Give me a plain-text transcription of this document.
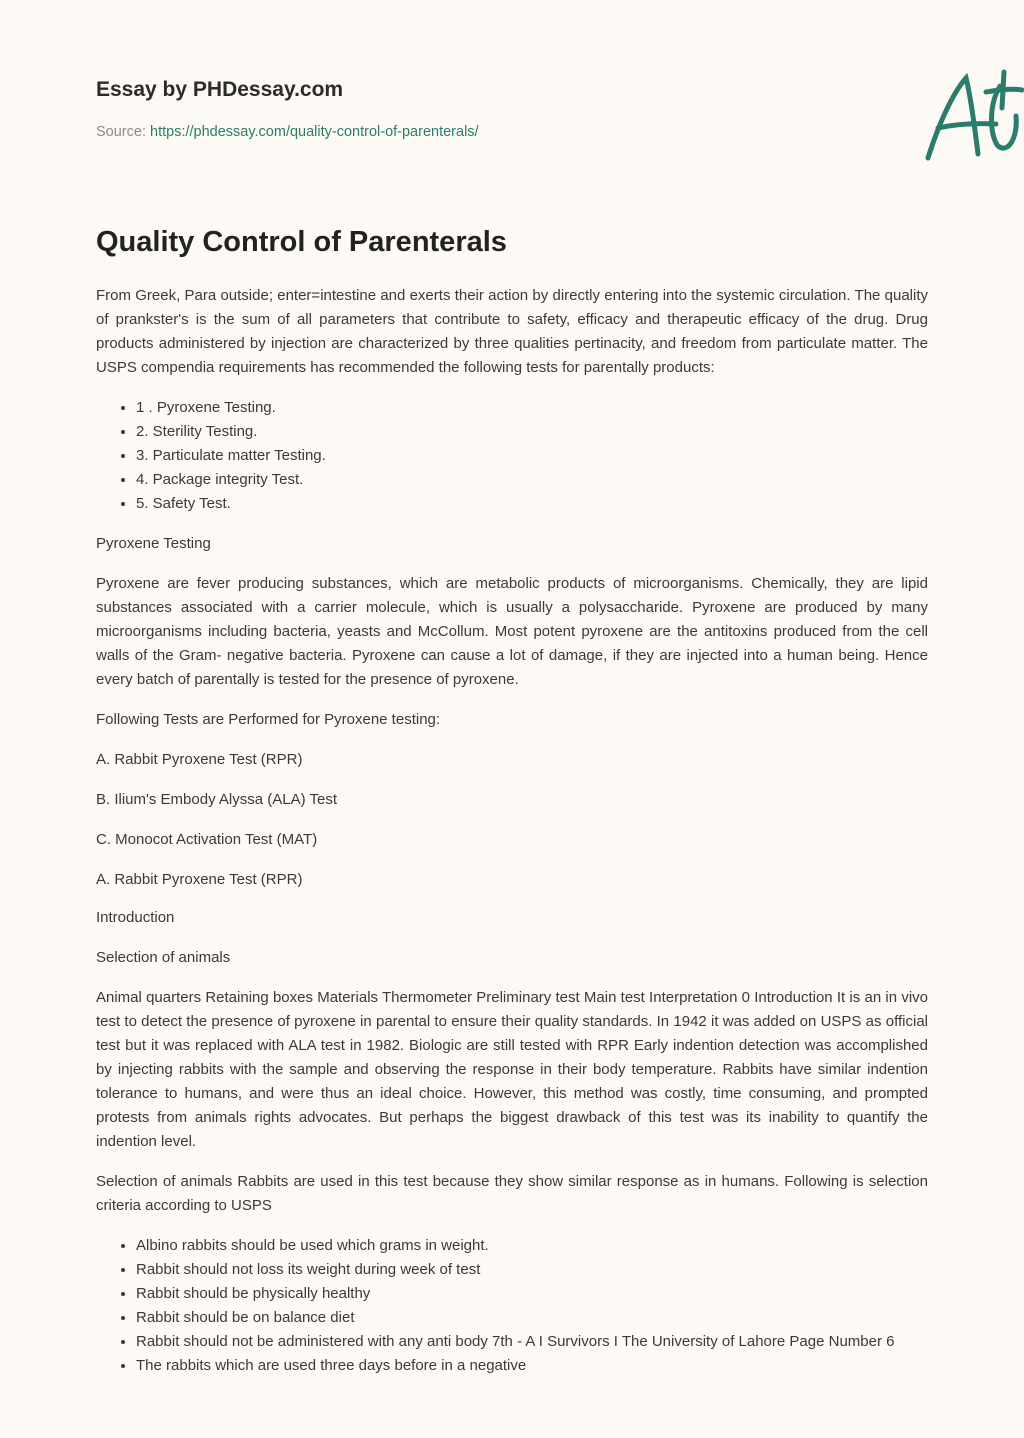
Essay by PHDessay.com
Source: https://phdessay.com/quality-control-of-parenterals/
Quality Control of Parenterals

From Greek, Para outside; enter=intestine and exerts their action by directly entering into the systemic circulation. The quality of prankster's is the sum of all parameters that contribute to safety, efficacy and therapeutic efficacy of the drug. Drug products administered by injection are characterized by three qualities pertinacity, and freedom from particulate matter. The USPS compendia requirements has recommended the following tests for parentally products:

• 1 . Pyroxene Testing.
• 2. Sterility Testing.
• 3. Particulate matter Testing.
• 4. Package integrity Test.
• 5. Safety Test.

Pyroxene Testing

Pyroxene are fever producing substances, which are metabolic products of microorganisms. Chemically, they are lipid substances associated with a carrier molecule, which is usually a polysaccharide. Pyroxene are produced by many microorganisms including bacteria, yeasts and McCollum. Most potent pyroxene are the antitoxins produced from the cell walls of the Gram- negative bacteria. Pyroxene can cause a lot of damage, if they are injected into a human being. Hence every batch of parentally is tested for the presence of pyroxene.

Following Tests are Performed for Pyroxene testing:

A. Rabbit Pyroxene Test (RPR)

B. Ilium's Embody Alyssa (ALA) Test

C. Monocot Activation Test (MAT)

A. Rabbit Pyroxene Test (RPR)

Introduction

Selection of animals

Animal quarters Retaining boxes Materials Thermometer Preliminary test Main test Interpretation 0 Introduction It is an in vivo test to detect the presence of pyroxene in parental to ensure their quality standards. In 1942 it was added on USPS as official test but it was replaced with ALA test in 1982. Biologic are still tested with RPR Early indention detection was accomplished by injecting rabbits with the sample and observing the response in their body temperature. Rabbits have similar indention tolerance to humans, and were thus an ideal choice. However, this method was costly, time consuming, and prompted protests from animals rights advocates. But perhaps the biggest drawback of this test was its inability to quantify the indention level.

Selection of animals Rabbits are used in this test because they show similar response as in humans. Following is selection criteria according to USPS

• Albino rabbits should be used which grams in weight.
• Rabbit should not loss its weight during week of test
• Rabbit should be physically healthy
• Rabbit should be on balance diet
• Rabbit should not be administered with any anti body 7th - A I Survivors I The University of Lahore Page Number 6
• The rabbits which are used three days before in a negative
